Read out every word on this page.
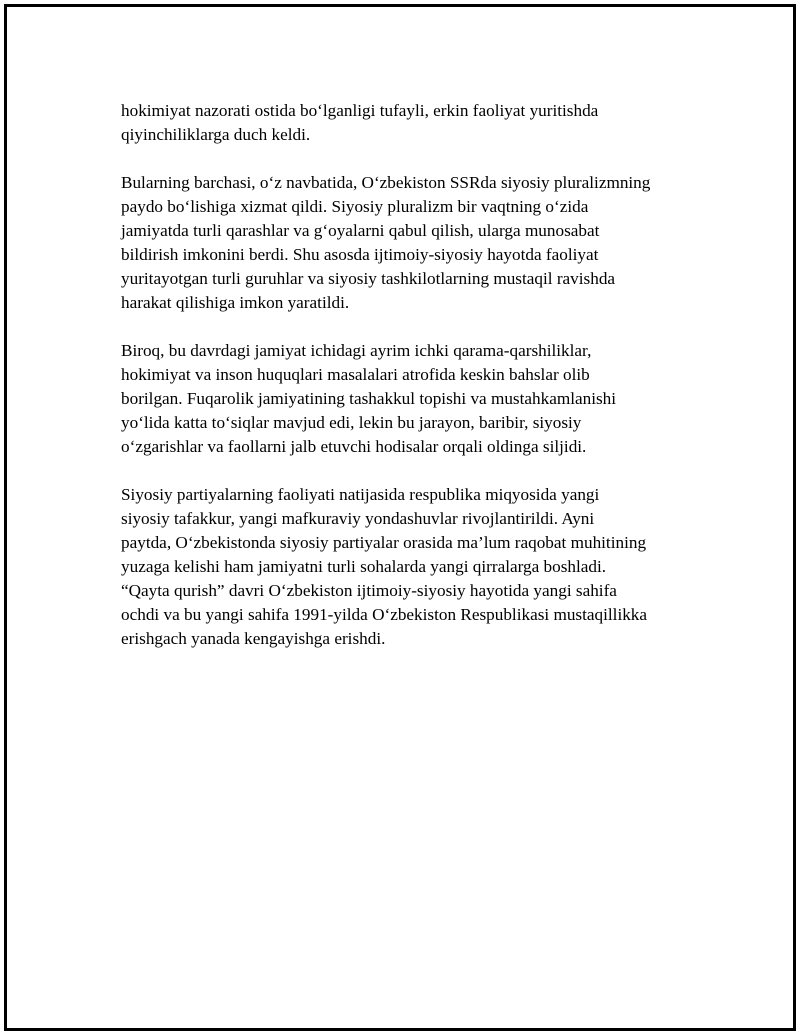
hokimiyat nazorati ostida bo‘lganligi tufayli, erkin faoliyat yuritishda
qiyinchiliklarga duch keldi.

Bularning barchasi, o‘z navbatida, O‘zbekiston SSRda siyosiy pluralizmning
paydo bo‘lishiga xizmat qildi. Siyosiy pluralizm bir vaqtning o‘zida
jamiyatda turli qarashlar va g‘oyalarni qabul qilish, ularga munosabat
bildirish imkonini berdi. Shu asosda ijtimoiy-siyosiy hayotda faoliyat
yuritayotgan turli guruhlar va siyosiy tashkilotlarning mustaqil ravishda
harakat qilishiga imkon yaratildi.

Biroq, bu davrdagi jamiyat ichidagi ayrim ichki qarama-qarshiliklar,
hokimiyat va inson huquqlari masalalari atrofida keskin bahslar olib
borilgan. Fuqarolik jamiyatining tashakkul topishi va mustahkamlanishi
yo‘lida katta to‘siqlar mavjud edi, lekin bu jarayon, baribir, siyosiy
o‘zgarishlar va faollarni jalb etuvchi hodisalar orqali oldinga siljidi.

Siyosiy partiyalarning faoliyati natijasida respublika miqyosida yangi
siyosiy tafakkur, yangi mafkuraviy yondashuvlar rivojlantirildi. Ayni
paytda, O‘zbekistonda siyosiy partiyalar orasida ma’lum raqobat muhitining
yuzaga kelishi ham jamiyatni turli sohalarda yangi qirralarga boshladi.
“Qayta qurish” davri O‘zbekiston ijtimoiy-siyosiy hayotida yangi sahifa
ochdi va bu yangi sahifa 1991-yilda O‘zbekiston Respublikasi mustaqillikka
erishgach yanada kengayishga erishdi.
